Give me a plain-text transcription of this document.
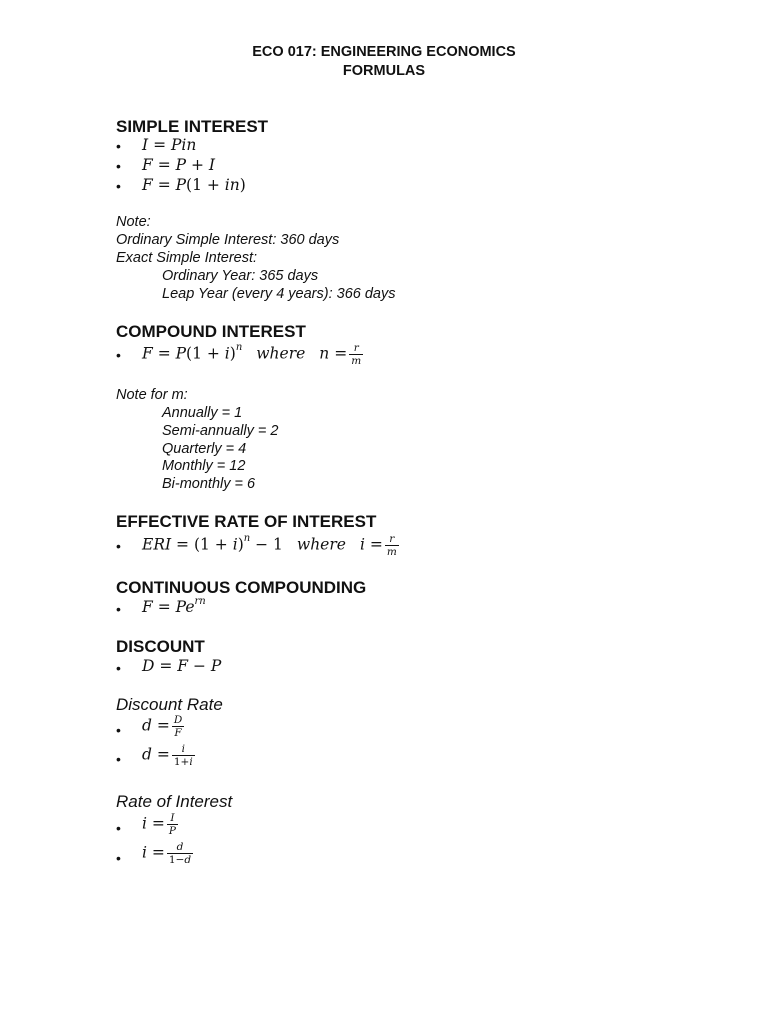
ECO 017: ENGINEERING ECONOMICS
FORMULAS
SIMPLE INTEREST
• I = Pin
• F = P + I
• F = P(1 + in)
Note:
Ordinary Simple Interest: 360 days
Exact Simple Interest:
Ordinary Year: 365 days
Leap Year (every 4 years): 366 days
COMPOUND INTEREST
• $F = P(1 + i)^n$ where $n = \frac{r}{m}$
Note for m:
Annually = 1
Semi-annually = 2
Quarterly = 4
Monthly = 12
Bi-monthly = 6
EFFECTIVE RATE OF INTEREST
• ERI = $(1 + i)^n - 1$ where $i = \frac{r}{m}$
CONTINUOUS COMPOUNDING
• $F = Pe^{rn}$
DISCOUNT
• D = F − P
Discount Rate
• $d = \frac{D}{F}$
• $d = \frac{i}{1+i}$
Rate of Interest
• $i = \frac{I}{P}$
• $i = \frac{d}{1-d}$
